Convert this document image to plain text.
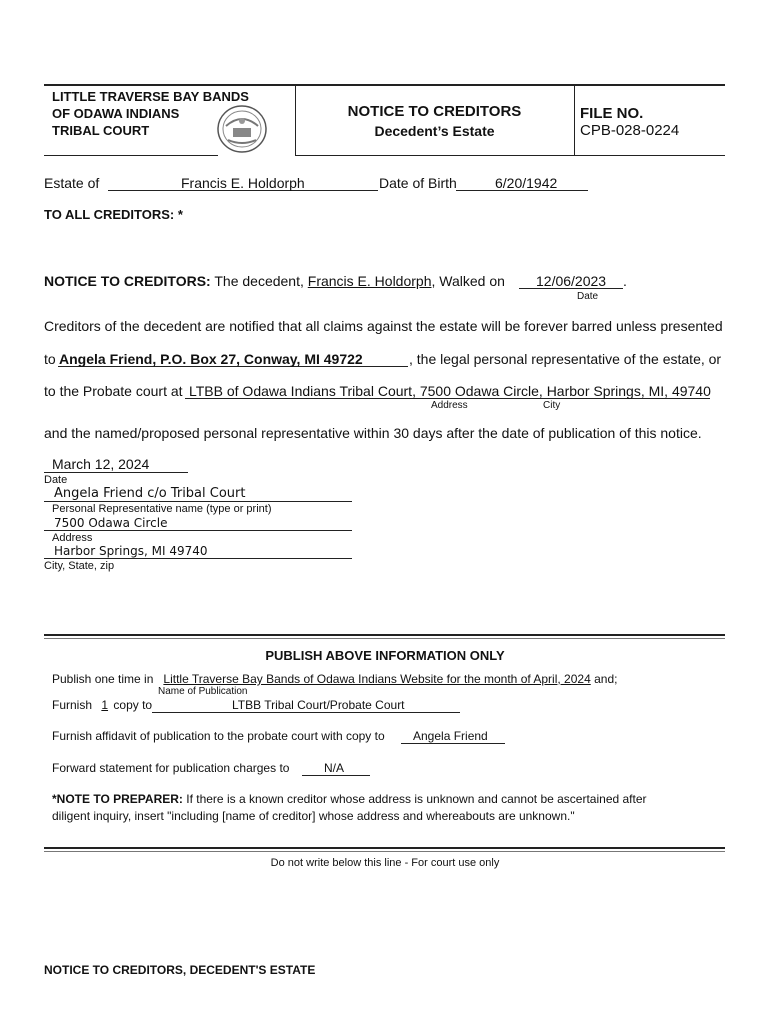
LITTLE TRAVERSE BAY BANDS
OF ODAWA INDIANS
TRIBAL COURT
NOTICE TO CREDITORS
Decedent’s Estate
FILE NO.
CPB-028-0224
Estate of	Francis E. Holdorph	Date of Birth	6/20/1942
TO ALL CREDITORS: *
NOTICE TO CREDITORS: The decedent, Francis E. Holdorph, Walked on 12/06/2023 .
Date
Creditors of the decedent are notified that all claims against the estate will be forever barred unless presented
to Angela Friend, P.O. Box 27, Conway, MI 49722	, the legal personal representative of the estate, or
to the Probate court at LTBB of Odawa Indians Tribal Court, 7500 Odawa Circle, Harbor Springs, MI, 49740
Address	City
and the named/proposed personal representative within 30 days after the date of publication of this notice.
March 12, 2024
Date
Angela Friend c/o Tribal Court
Personal Representative name (type or print)
7500 Odawa Circle
Address
Harbor Springs, MI 49740
City, State, zip
PUBLISH ABOVE INFORMATION ONLY
Publish one time in Little Traverse Bay Bands of Odawa Indians Website for the month of April, 2024 and;
Name of Publication
Furnish 1 copy to	LTBB Tribal Court/Probate Court
Furnish affidavit of publication to the probate court with copy to Angela Friend
Forward statement for publication charges to	N/A
*NOTE TO PREPARER: If there is a known creditor whose address is unknown and cannot be ascertained after
diligent inquiry, insert "including [name of creditor] whose address and whereabouts are unknown."
Do not write below this line - For court use only
NOTICE TO CREDITORS, DECEDENT'S ESTATE
